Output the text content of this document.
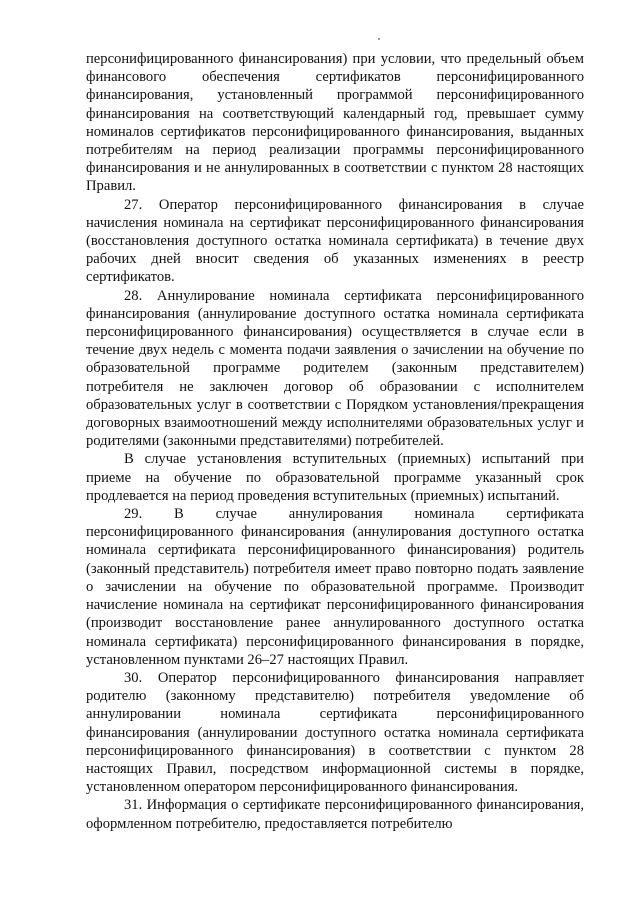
персонифицированного финансирования) при условии, что предельный объем финансового обеспечения сертификатов персонифицированного финансирования, установленный программой персонифицированного финансирования на соответствующий календарный год, превышает сумму номиналов сертификатов персонифицированного финансирования, выданных потребителям на период реализации программы персонифицированного финансирования и не аннулированных в соответствии с пунктом 28 настоящих Правил.

27. Оператор персонифицированного финансирования в случае начисления номинала на сертификат персонифицированного финансирования (восстановления доступного остатка номинала сертификата) в течение двух рабочих дней вносит сведения об указанных изменениях в реестр сертификатов.

28. Аннулирование номинала сертификата персонифицированного финансирования (аннулирование доступного остатка номинала сертификата персонифицированного финансирования) осуществляется в случае если в течение двух недель с момента подачи заявления о зачислении на обучение по образовательной программе родителем (законным представителем) потребителя не заключен договор об образовании с исполнителем образовательных услуг в соответствии с Порядком установления/прекращения договорных взаимоотношений между исполнителями образовательных услуг и родителями (законными представителями) потребителей.

В случае установления вступительных (приемных) испытаний при приеме на обучение по образовательной программе указанный срок продлевается на период проведения вступительных (приемных) испытаний.

29. В случае аннулирования номинала сертификата персонифицированного финансирования (аннулирования доступного остатка номинала сертификата персонифицированного финансирования) родитель (законный представитель) потребителя имеет право повторно подать заявление о зачислении на обучение по образовательной программе. Производит начисление номинала на сертификат персонифицированного финансирования (производит восстановление ранее аннулированного доступного остатка номинала сертификата) персонифицированного финансирования в порядке, установленном пунктами 26–27 настоящих Правил.

30. Оператор персонифицированного финансирования направляет родителю (законному представителю) потребителя уведомление об аннулировании номинала сертификата персонифицированного финансирования (аннулировании доступного остатка номинала сертификата персонифицированного финансирования) в соответствии с пунктом 28 настоящих Правил, посредством информационной системы в порядке, установленном оператором персонифицированного финансирования.

31. Информация о сертификате персонифицированного финансирования, оформленном потребителю, предоставляется потребителю
